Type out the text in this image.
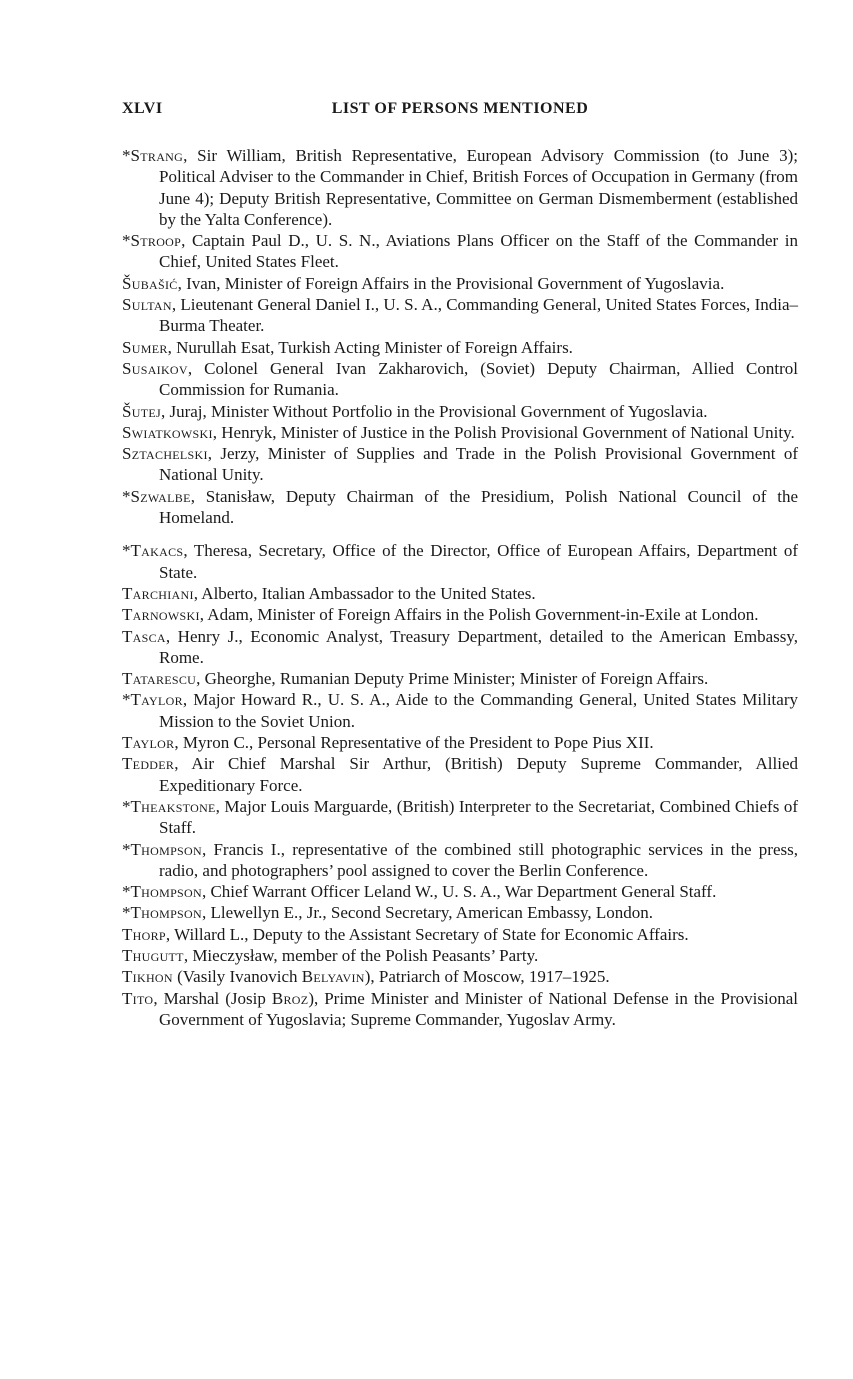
XLVI	LIST OF PERSONS MENTIONED

*Strang, Sir William, British Representative, European Advisory Commission (to June 3); Political Adviser to the Commander in Chief, British Forces of Occupation in Germany (from June 4); Deputy British Representative, Committee on German Dismemberment (established by the Yalta Conference).

*Stroop, Captain Paul D., U. S. N., Aviations Plans Officer on the Staff of the Commander in Chief, United States Fleet.

Šubašić, Ivan, Minister of Foreign Affairs in the Provisional Government of Yugoslavia.

Sultan, Lieutenant General Daniel I., U. S. A., Commanding General, United States Forces, India–Burma Theater.

Sumer, Nurullah Esat, Turkish Acting Minister of Foreign Affairs.

Susaikov, Colonel General Ivan Zakharovich, (Soviet) Deputy Chairman, Allied Control Commission for Rumania.

Šutej, Juraj, Minister Without Portfolio in the Provisional Government of Yugoslavia.

Swiatkowski, Henryk, Minister of Justice in the Polish Provisional Government of National Unity.

Sztachelski, Jerzy, Minister of Supplies and Trade in the Polish Provisional Government of National Unity.

*Szwalbe, Stanisław, Deputy Chairman of the Presidium, Polish National Council of the Homeland.

*Takacs, Theresa, Secretary, Office of the Director, Office of European Affairs, Department of State.

Tarchiani, Alberto, Italian Ambassador to the United States.

Tarnowski, Adam, Minister of Foreign Affairs in the Polish Government-in-Exile at London.

Tasca, Henry J., Economic Analyst, Treasury Department, detailed to the American Embassy, Rome.

Tatarescu, Gheorghe, Rumanian Deputy Prime Minister; Minister of Foreign Affairs.

*Taylor, Major Howard R., U. S. A., Aide to the Commanding General, United States Military Mission to the Soviet Union.

Taylor, Myron C., Personal Representative of the President to Pope Pius XII.

Tedder, Air Chief Marshal Sir Arthur, (British) Deputy Supreme Commander, Allied Expeditionary Force.

*Theakstone, Major Louis Marguarde, (British) Interpreter to the Secretariat, Combined Chiefs of Staff.

*Thompson, Francis I., representative of the combined still photographic services in the press, radio, and photographers’ pool assigned to cover the Berlin Conference.

*Thompson, Chief Warrant Officer Leland W., U. S. A., War Department General Staff.

*Thompson, Llewellyn E., Jr., Second Secretary, American Embassy, London.

Thorp, Willard L., Deputy to the Assistant Secretary of State for Economic Affairs.

Thugutt, Mieczysław, member of the Polish Peasants’ Party.

Tikhon (Vasily Ivanovich Belyavin), Patriarch of Moscow, 1917–1925.

Tito, Marshal (Josip Broz), Prime Minister and Minister of National Defense in the Provisional Government of Yugoslavia; Supreme Commander, Yugoslav Army.
